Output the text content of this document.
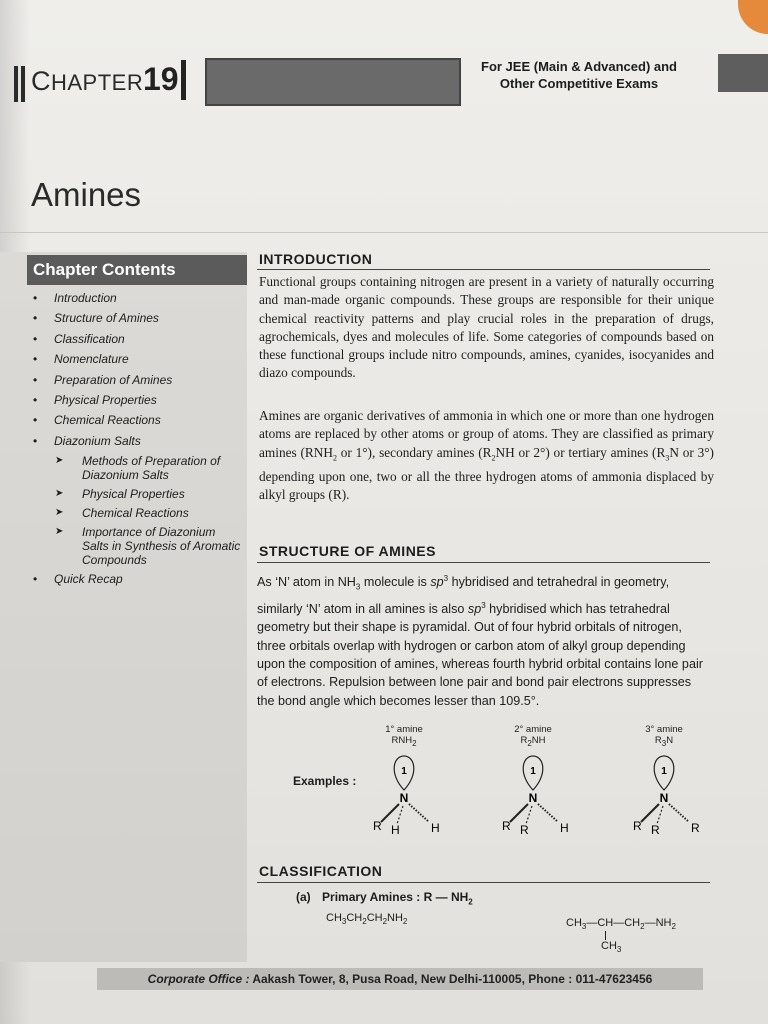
CHAPTER 19	For JEE (Main & Advanced) and
Other Competitive Exams
Amines
Chapter Contents
• Introduction
• Structure of Amines
• Classification
• Nomenclature
• Preparation of Amines
• Physical Properties
• Chemical Reactions
• Diazonium Salts
➤ Methods of Preparation of Diazonium Salts
➤ Physical Properties
➤ Chemical Reactions
➤ Importance of Diazonium Salts in Synthesis of Aromatic Compounds
• Quick Recap
INTRODUCTION

Functional groups containing nitrogen are present in a variety of naturally occurring and man-made organic compounds. These groups are responsible for their unique chemical reactivity patterns and play crucial roles in the preparation of drugs, agrochemicals, dyes and molecules of life. Some categories of compounds based on these functional groups include nitro compounds, amines, cyanides, isocyanides and diazo compounds.

Amines are organic derivatives of ammonia in which one or more than one hydrogen atoms are replaced by other atoms or group of atoms. They are classified as primary amines ($RNH_2$ or 1°), secondary amines ($R_2NH$ or 2°) or tertiary amines ($R_3N$ or 3°) depending upon one, two or all the three hydrogen atoms of ammonia displaced by alkyl groups (R).

STRUCTURE OF AMINES

As ‘N’ atom in $NH_3$ molecule is $sp^3$ hybridised and tetrahedral in geometry, similarly ‘N’ atom in all amines is also $sp^3$ hybridised which has tetrahedral geometry but their shape is pyramidal. Out of four hybrid orbitals of nitrogen, three orbitals overlap with hydrogen or carbon atom of alkyl group depending upon the composition of amines, whereas fourth hybrid orbital contains lone pair of electrons. Repulsion between lone pair and bond pair electrons suppresses the bond angle which becomes lesser than 109.5°.

Examples :
1° amine
$RNH_2$
1
N
R H	H
2° amine
$R_2NH$
1
N
R R	H
3° amine
$R_3N$
1
N
R R	R
CLASSIFICATION
(a) Primary Amines : R — $NH_2$
$CH_3CH_2CH_2NH_2$	$CH_3—CH—CH_2—NH_2$
$CH_3$
Corporate Office : Aakash Tower, 8, Pusa Road, New Delhi-110005, Phone : 011-47623456
